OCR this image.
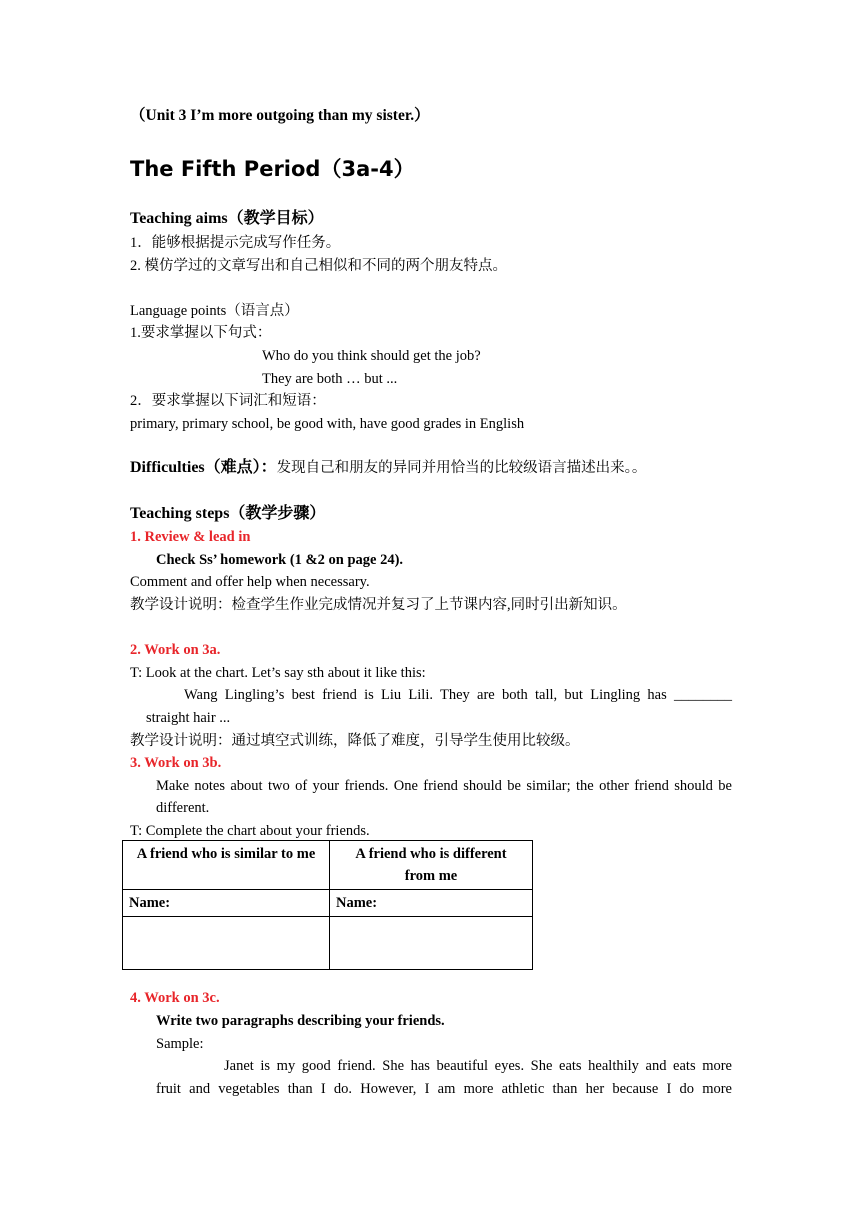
（Unit 3 I’m more outgoing than my sister.）
The Fifth Period（3a-4）
Teaching aims（教学目标）
1．能够根据提示完成写作任务。
2. 模仿学过的文章写出和自己相似和不同的两个朋友特点。
Language points（语言点）
1.要求掌握以下句式：
Who do you think should get the job?
They are both … but ...
2．要求掌握以下词汇和短语：
primary, primary school, be good with, have good grades in English
Difficulties（难点）：发现自己和朋友的异同并用恰当的比较级语言描述出来。。
Teaching steps（教学步骤）
1. Review & lead in
Check Ss’ homework (1 &2 on page 24).
Comment and offer help when necessary.
教学设计说明：检查学生作业完成情况并复习了上节课内容,同时引出新知识。
2. Work on 3a.
T: Look at the chart. Let’s say sth about it like this:
Wang Lingling’s best friend is Liu Lili. They are both tall, but Lingling has ________
straight hair ...
教学设计说明：通过填空式训练，降低了难度，引导学生使用比较级。
3. Work on 3b.
Make notes about two of your friends. One friend should be similar; the other friend should be
different.
T: Complete the chart about your friends.
A friend who is similar to me	A friend who is different
from me
Name:	Name:

4. Work on 3c.
Write two paragraphs describing your friends.
Sample:
Janet is my good friend. She has beautiful eyes. She eats healthily and eats more
fruit and vegetables than I do. However, I am more athletic than her because I do more
